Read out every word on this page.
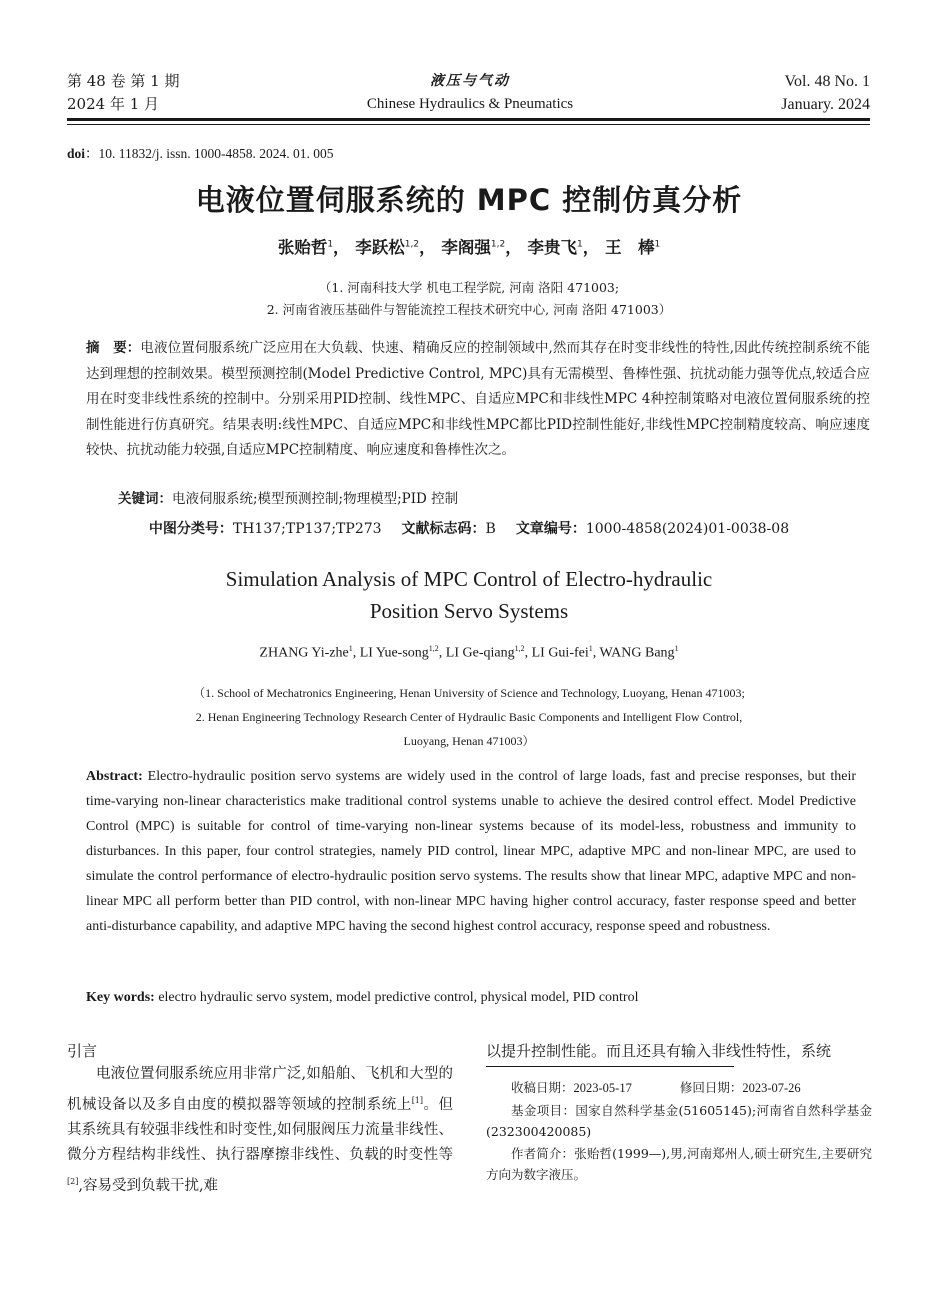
第 48 卷 第 1 期
2024 年 1 月
液压与气动
Chinese Hydraulics & Pneumatics
Vol. 48 No. 1
January. 2024
doi：10. 11832/j. issn. 1000-4858. 2024. 01. 005
电液位置伺服系统的 MPC 控制仿真分析
张贻哲$^1$， 李跃松$^{1,2}$， 李阁强$^{1,2}$， 李贵飞$^1$， 王　棒$^1$
（1. 河南科技大学 机电工程学院, 河南 洛阳 471003;
2. 河南省液压基础件与智能流控工程技术研究中心, 河南 洛阳 471003）
摘　要：电液位置伺服系统广泛应用在大负载、快速、精确反应的控制领域中,然而其存在时变非线性的特性,因此传统控制系统不能达到理想的控制效果。模型预测控制(Model Predictive Control, MPC)具有无需模型、鲁棒性强、抗扰动能力强等优点,较适合应用在时变非线性系统的控制中。分别采用PID控制、线性MPC、自适应MPC和非线性MPC 4种控制策略对电液位置伺服系统的控制性能进行仿真研究。结果表明:线性MPC、自适应MPC和非线性MPC都比PID控制性能好,非线性MPC控制精度较高、响应速度较快、抗扰动能力较强,自适应MPC控制精度、响应速度和鲁棒性次之。
关键词：电液伺服系统;模型预测控制;物理模型;PID 控制
中图分类号：TH137;TP137;TP273 文献标志码：B 文章编号：1000-4858(2024)01-0038-08
Simulation Analysis of MPC Control of Electro-hydraulic
Position Servo Systems
ZHANG Yi-zhe$^1$, LI Yue-song$^{1,2}$, LI Ge-qiang$^{1,2}$, LI Gui-fei$^1$, WANG Bang$^1$
（1. School of Mechatronics Engineering, Henan University of Science and Technology, Luoyang, Henan 471003;
2. Henan Engineering Technology Research Center of Hydraulic Basic Components and Intelligent Flow Control,
Luoyang, Henan 471003）
Abstract: Electro-hydraulic position servo systems are widely used in the control of large loads, fast and precise responses, but their time-varying non-linear characteristics make traditional control systems unable to achieve the desired control effect. Model Predictive Control (MPC) is suitable for control of time-varying non-linear systems because of its model-less, robustness and immunity to disturbances. In this paper, four control strategies, namely PID control, linear MPC, adaptive MPC and non-linear MPC, are used to simulate the control performance of electro-hydraulic position servo systems. The results show that linear MPC, adaptive MPC and non-linear MPC all perform better than PID control, with non-linear MPC having higher control accuracy, faster response speed and better anti-disturbance capability, and adaptive MPC having the second highest control accuracy, response speed and robustness.
Key words: electro hydraulic servo system, model predictive control, physical model, PID control
引言

电液位置伺服系统应用非常广泛,如船舶、飞机和大型的机械设备以及多自由度的模拟器等领域的控制系统上[1]。但其系统具有较强非线性和时变性,如伺服阀压力流量非线性、微分方程结构非线性、执行器摩擦非线性、负载的时变性等[2],容易受到负载干扰,难

以提升控制性能。而且还具有输入非线性特性，系统
收稿日期：2023-05-17	修回日期：2023-07-26
基金项目：国家自然科学基金(51605145);河南省自然科学基金(232300420085)
作者简介：张贻哲(1999—),男,河南郑州人,硕士研究生,主要研究方向为数字液压。
